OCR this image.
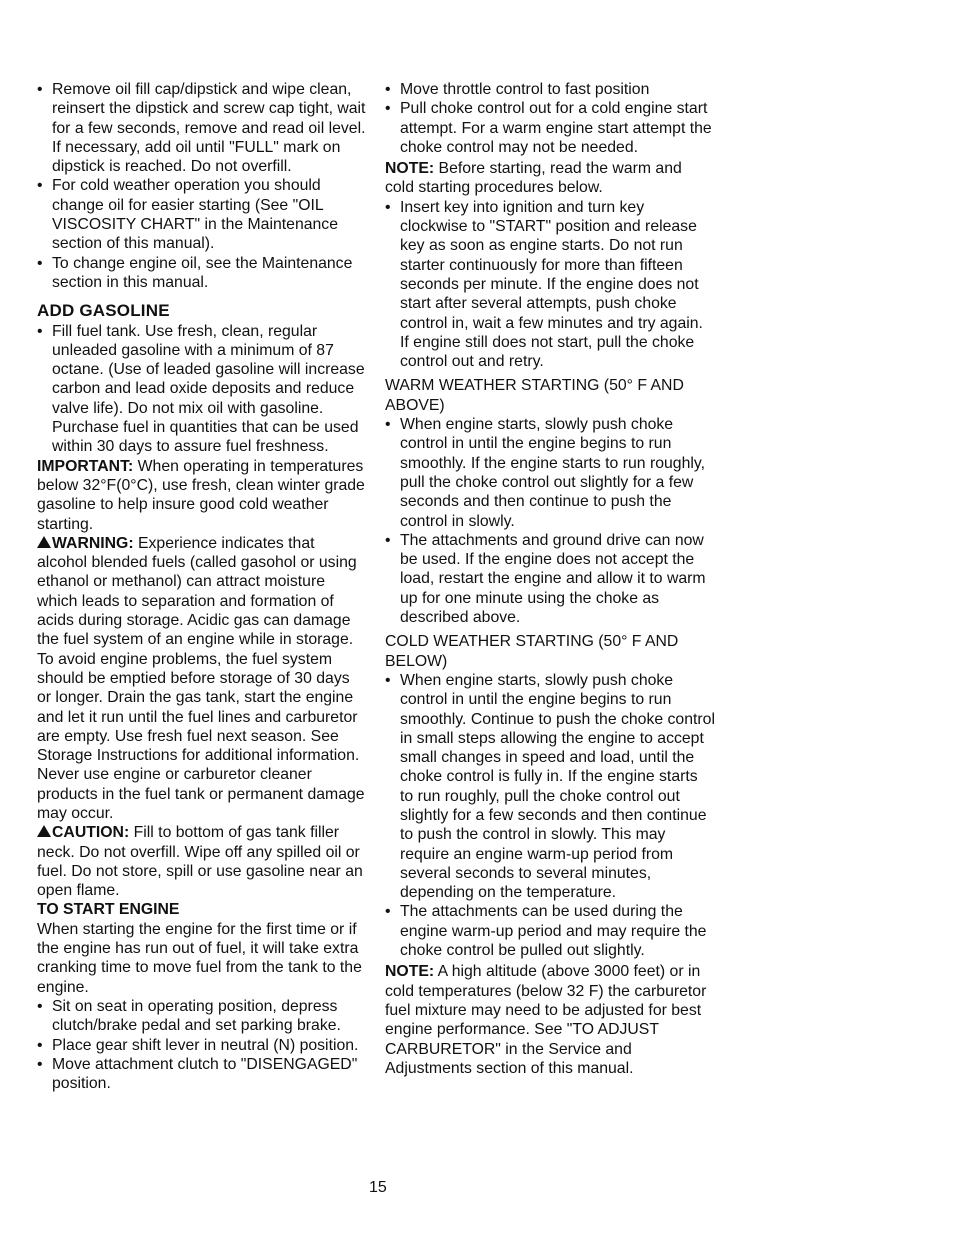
• Remove oil fill cap/dipstick and wipe clean, reinsert the dipstick and screw cap tight, wait for a few seconds, remove and read oil level. If necessary, add oil until "FULL" mark on dipstick is reached. Do not overfill.
• For cold weather operation you should change oil for easier starting (See "OIL VISCOSITY CHART" in the Maintenance section of this manual).
• To change engine oil, see the Maintenance section in this manual.
ADD GASOLINE
• Fill fuel tank. Use fresh, clean, regular unleaded gasoline with a minimum of 87 octane. (Use of leaded gasoline will increase carbon and lead oxide deposits and reduce valve life). Do not mix oil with gasoline. Purchase fuel in quantities that can be used within 30 days to assure fuel freshness.

IMPORTANT: When operating in temperatures below 32°F(0°C), use fresh, clean winter grade gasoline to help insure good cold weather starting.

WARNING: Experience indicates that alcohol blended fuels (called gasohol or using ethanol or methanol) can attract moisture which leads to separation and formation of acids during storage. Acidic gas can damage the fuel system of an engine while in storage. To avoid engine problems, the fuel system should be emptied before storage of 30 days or longer. Drain the gas tank, start the engine and let it run until the fuel lines and carburetor are empty. Use fresh fuel next season. See Storage Instructions for additional information. Never use engine or carburetor cleaner products in the fuel tank or permanent damage may occur.

CAUTION: Fill to bottom of gas tank filler neck. Do not overfill. Wipe off any spilled oil or fuel. Do not store, spill or use gasoline near an open flame.

TO START ENGINE

When starting the engine for the first time or if the engine has run out of fuel, it will take extra cranking time to move fuel from the tank to the engine.

• Sit on seat in operating position, depress clutch/brake pedal and set parking brake.
• Place gear shift lever in neutral (N) position.
• Move attachment clutch to "DISENGAGED" position.
• Move throttle control to fast position
• Pull choke control out for a cold engine start attempt. For a warm engine start attempt the choke control may not be needed.

NOTE: Before starting, read the warm and cold starting procedures below.

• Insert key into ignition and turn key clockwise to "START" position and release key as soon as engine starts. Do not run starter continuously for more than fifteen seconds per minute. If the engine does not start after several attempts, push choke control in, wait a few minutes and try again. If engine still does not start, pull the choke control out and retry.

WARM WEATHER STARTING (50° F AND ABOVE)

• When engine starts, slowly push choke control in until the engine begins to run smoothly. If the engine starts to run roughly, pull the choke control out slightly for a few seconds and then continue to push the control in slowly.
• The attachments and ground drive can now be used. If the engine does not accept the load, restart the engine and allow it to warm up for one minute using the choke as described above.

COLD WEATHER STARTING (50° F AND BELOW)

• When engine starts, slowly push choke control in until the engine begins to run smoothly. Continue to push the choke control in small steps allowing the engine to accept small changes in speed and load, until the choke control is fully in. If the engine starts to run roughly, pull the choke control out slightly for a few seconds and then continue to push the control in slowly. This may require an engine warm-up period from several seconds to several minutes, depending on the temperature.
• The attachments can be used during the engine warm-up period and may require the choke control be pulled out slightly.

NOTE: A high altitude (above 3000 feet) or in cold temperatures (below 32 F) the carburetor fuel mixture may need to be adjusted for best engine performance. See "TO ADJUST CARBURETOR" in the Service and Adjustments section of this manual.

15
